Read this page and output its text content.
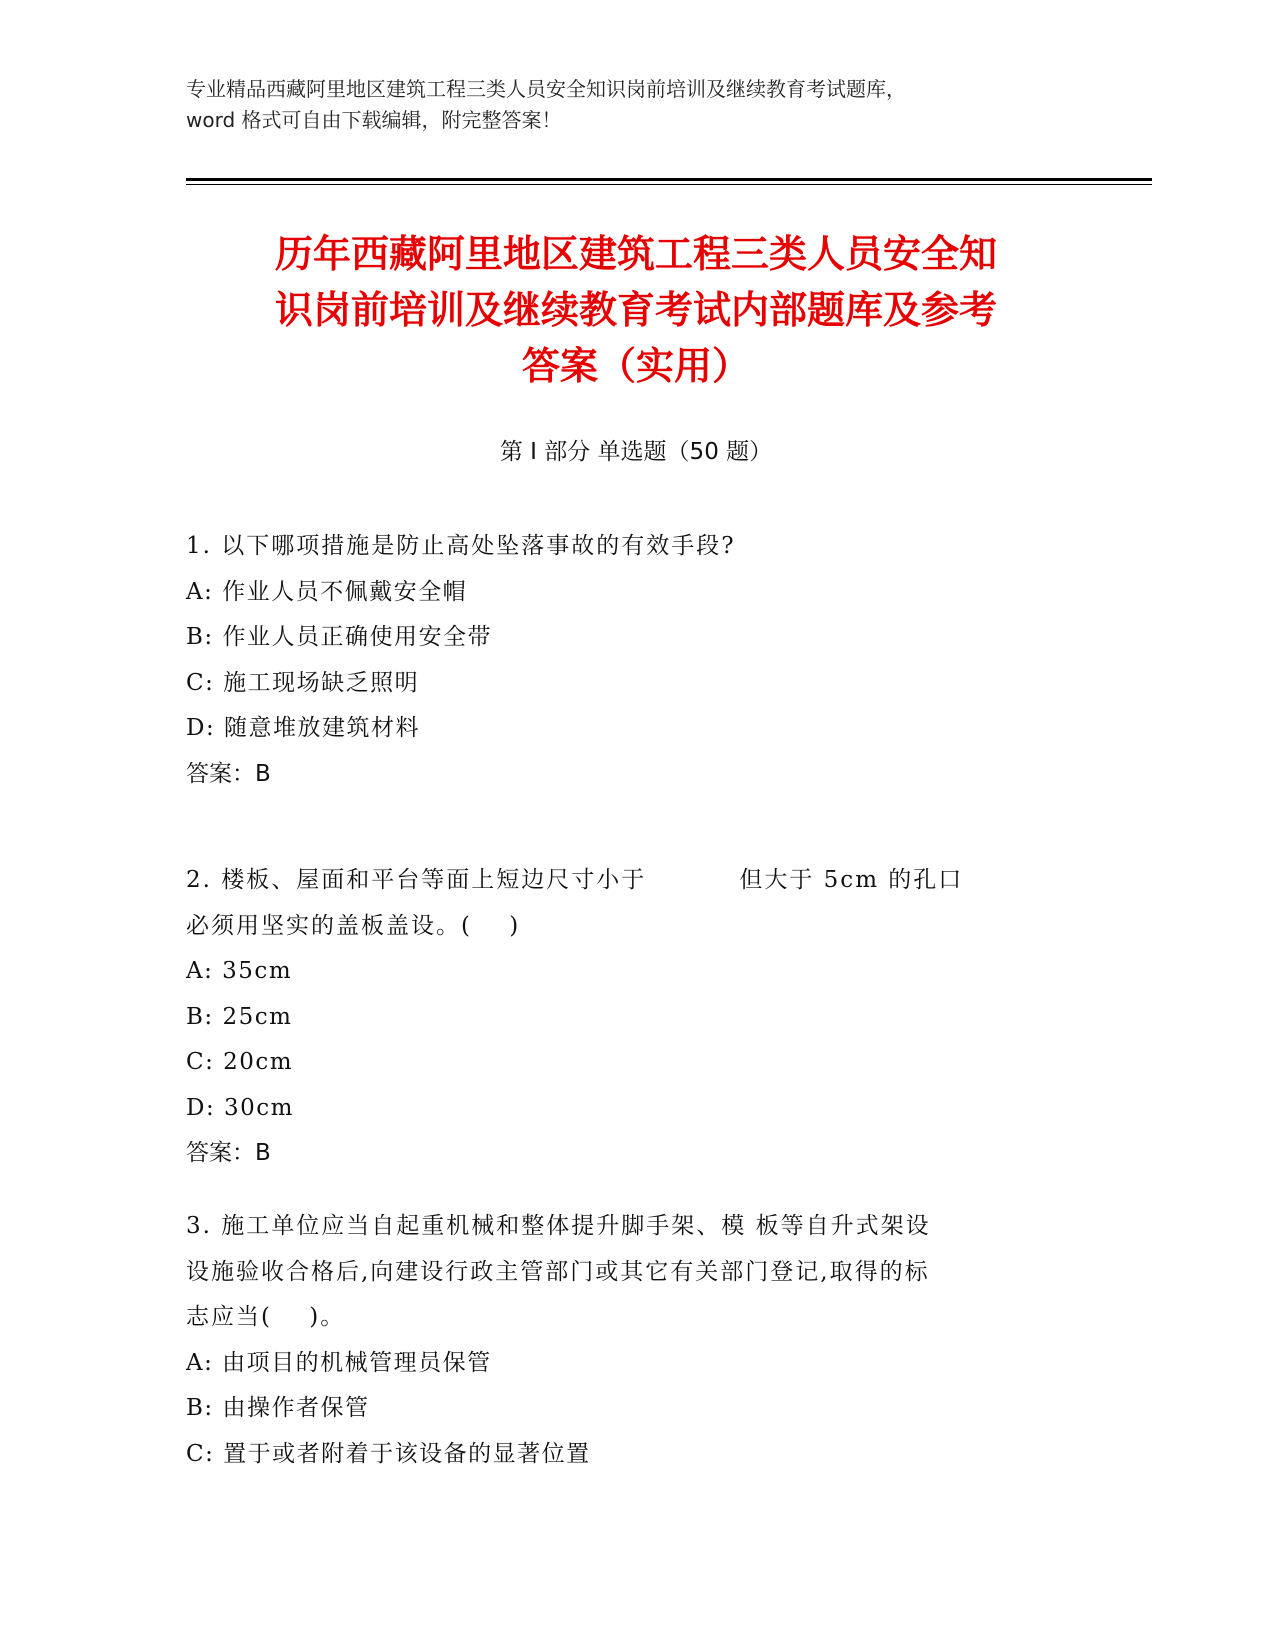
专业精品西藏阿里地区建筑工程三类人员安全知识岗前培训及继续教育考试题库，
word 格式可自由下载编辑，附完整答案！
历年西藏阿里地区建筑工程三类人员安全知
识岗前培训及继续教育考试内部题库及参考
答案（实用）
第 I 部分 单选题（50 题）
1. 以下哪项措施是防止高处坠落事故的有效手段?
A: 作业人员不佩戴安全帽
B: 作业人员正确使用安全带
C: 施工现场缺乏照明
D: 随意堆放建筑材料
答案：B
2. 楼板、屋面和平台等面上短边尺寸小于          但大于 5cm 的孔口
必须用坚实的盖板盖设。(    )
A: 35cm
B: 25cm
C: 20cm
D: 30cm
答案：B
3. 施工单位应当自起重机械和整体提升脚手架、模 板等自升式架设
设施验收合格后,向建设行政主管部门或其它有关部门登记,取得的标
志应当(    )。
A: 由项目的机械管理员保管
B: 由操作者保管
C: 置于或者附着于该设备的显著位置
